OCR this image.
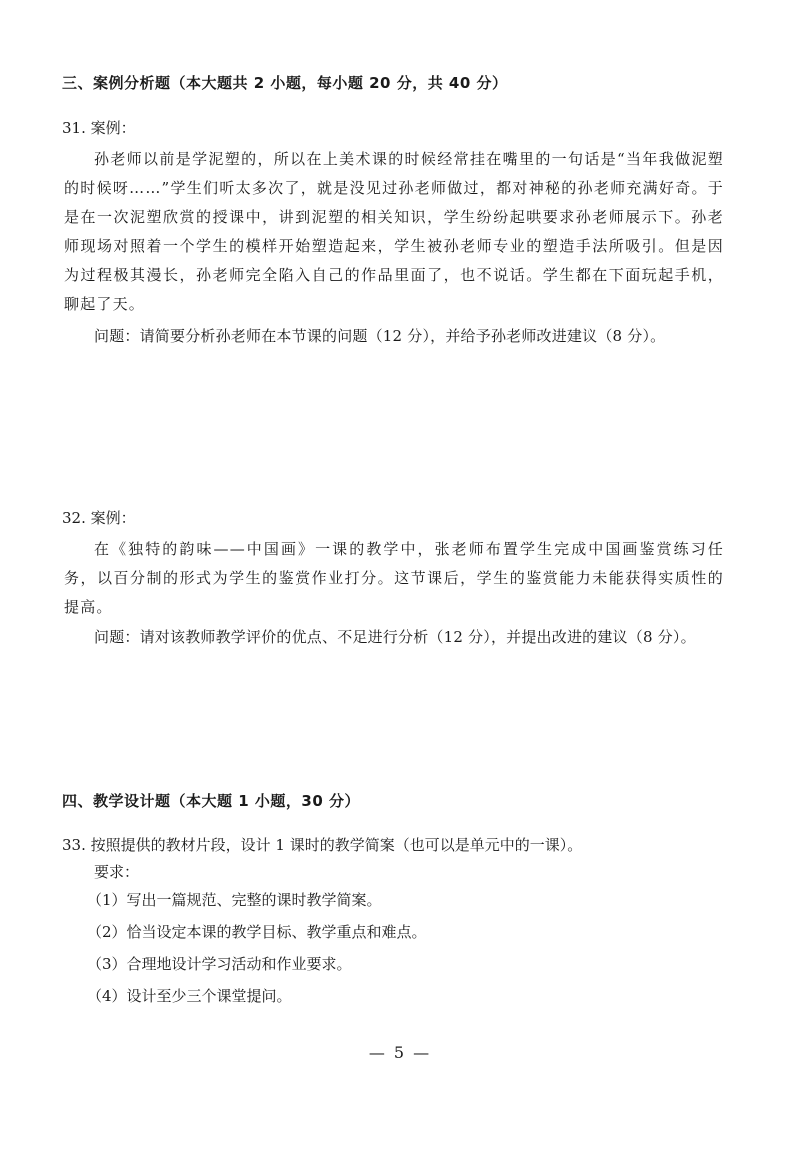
三、案例分析题（本大题共 2 小题，每小题 20 分，共 40 分）
31. 案例：
孙老师以前是学泥塑的，所以在上美术课的时候经常挂在嘴里的一句话是“当年我做泥塑的时候呀……”学生们听太多次了，就是没见过孙老师做过，都对神秘的孙老师充满好奇。于是在一次泥塑欣赏的授课中，讲到泥塑的相关知识，学生纷纷起哄要求孙老师展示下。孙老师现场对照着一个学生的模样开始塑造起来，学生被孙老师专业的塑造手法所吸引。但是因为过程极其漫长，孙老师完全陷入自己的作品里面了，也不说话。学生都在下面玩起手机，聊起了天。
问题：请简要分析孙老师在本节课的问题（12 分），并给予孙老师改进建议（8 分）。
32. 案例：
在《独特的韵味——中国画》一课的教学中，张老师布置学生完成中国画鉴赏练习任务，以百分制的形式为学生的鉴赏作业打分。这节课后，学生的鉴赏能力未能获得实质性的提高。
问题：请对该教师教学评价的优点、不足进行分析（12 分），并提出改进的建议（8 分）。
四、教学设计题（本大题 1 小题，30 分）
33. 按照提供的教材片段，设计 1 课时的教学简案（也可以是单元中的一课）。
要求：
（1）写出一篇规范、完整的课时教学简案。
（2）恰当设定本课的教学目标、教学重点和难点。
（3）合理地设计学习活动和作业要求。
（4）设计至少三个课堂提问。
— 5 —
